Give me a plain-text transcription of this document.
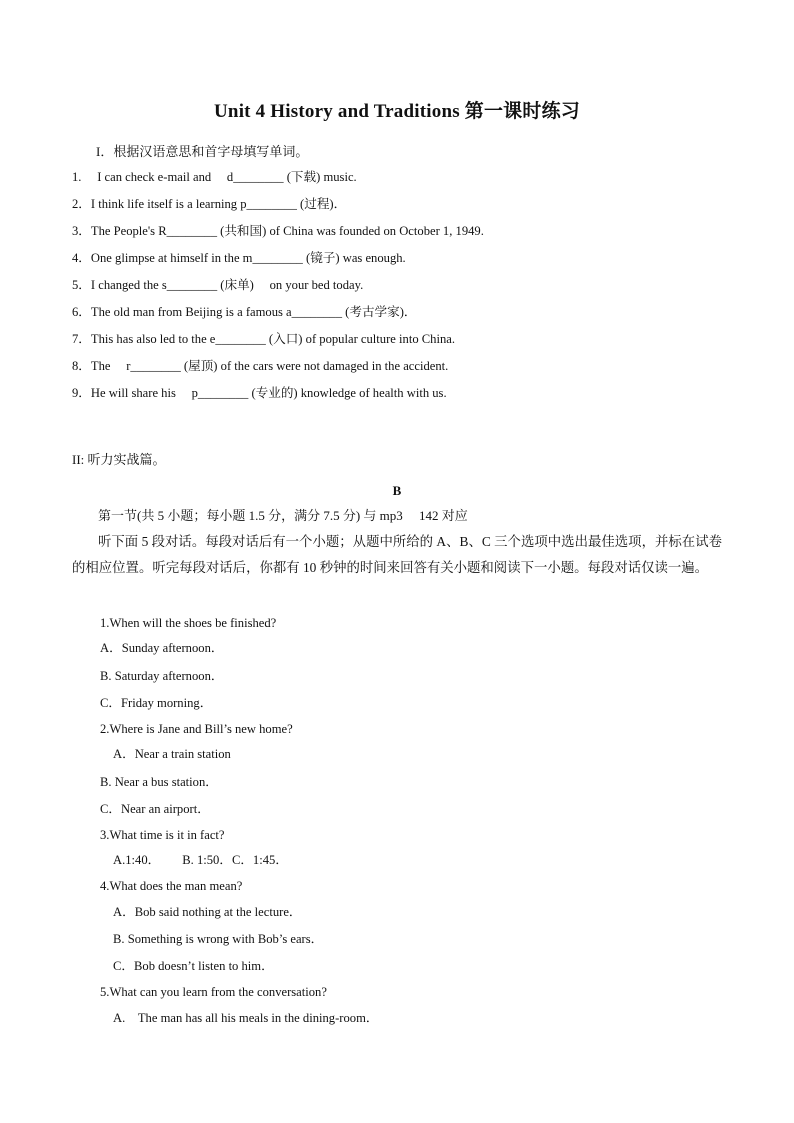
Unit 4 History and Traditions 第一课时练习
I．根据汉语意思和首字母填写单词。
1.　 I can check e-mail and　 d________ (下载) music.
2．I think life itself is a learning p________ (过程)．
3．The People's R________ (共和国) of China was founded on October 1, 1949.
4．One glimpse at himself in the m________ (镜子) was enough.
5．I changed the s________ (床单)　 on your bed today.
6．The old man from Beijing is a famous a________ (考古学家)．
7．This has also led to the e________ (入口) of popular culture into China.
8．The　 r________ (屋顶) of the cars were not damaged in the accident.
9．He will share his　 p________ (专业的) knowledge of health with us.
II: 听力实战篇。
B
第一节(共 5 小题；每小题 1.5 分，满分 7.5 分) 与 mp3　 142 对应
听下面 5 段对话。每段对话后有一个小题；从题中所给的 A、B、C 三个选项中选出最佳选项，并标在试卷的相应位置。听完每段对话后，你都有 10 秒钟的时间来回答有关小题和阅读下一小题。每段对话仅读一遍。
1.When will the shoes be finished?
A．Sunday afternoon．
B. Saturday afternoon．
C．Friday morning．
2.Where is Jane and Bill’s new home?
A．Near a train station
B. Near a bus station．
C．Near an airport．
3.What time is it in fact?
A.1:40．　　 B. 1:50．C．1:45．
4.What does the man mean?
A．Bob said nothing at the lecture．
B. Something is wrong with Bob’s ears．
C．Bob doesn’t listen to him．
5.What can you learn from the conversation?
A.　The man has all his meals in the dining-room．
